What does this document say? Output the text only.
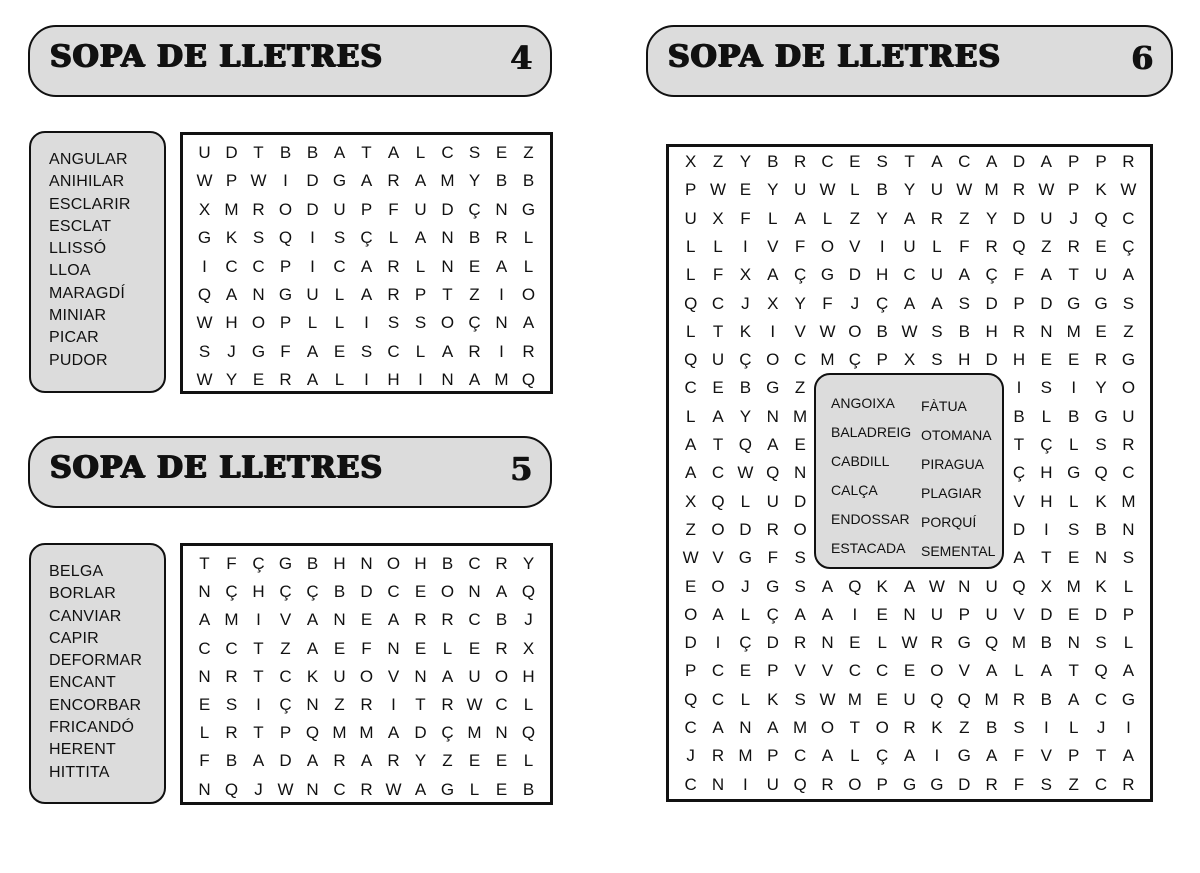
SOPA DE LLETRES	4
ANGULAR
ANIHILAR
ESCLARIR
ESCLAT
LLISSÓ
LLOA
MARAGDÍ
MINIAR
PICAR
PUDOR
U D T B B A T A L C S E Z
W P W I	D G A R A M Y B B
X M R O D U P F U D Ç N G
G K S Q	I	S Ç L A N B R L
I	C C P	I	C A R L N E A L
Q A N G U L A R P T Z	I	O
W H O P L	L	I	S S O Ç N A
S	J G F A E S C L A R	I	R
W Y E R A L	I	H	I	N A M Q
SOPA DE LLETRES	5
BELGA
BORLAR
CANVIAR
CAPIR
DEFORMAR
ENCANT
ENCORBAR
FRICANDÓ
HERENT
HITTITA
T F Ç G B H N O H B C R Y
N Ç H Ç Ç B D C E O N A Q
A M	I	V A N E A R R C B	J
C C T Z A E F N E L E R X
N R T C K U O V N A U O H
E S	I	Ç N Z R	I	T R W C L
L R T P Q M M A D Ç M N Q
F B A D A R A R Y Z E E L
N Q J W N C R W A G L E B
SOPA DE LLETRES	6
X Z Y B R C E S T A C A D A P P R
P W E Y U W L B Y U W M R W P K W
U X F	L A L	Z Y A R Z Y D U J Q C
L	L	I	V F O V	I	U L	F R Q Z R E Ç
L	F X A Ç G D H C U A Ç F A T U A
Q C J	X Y F	J Ç A A S D P D G G S
L	T K	I	V W O B W S B H R N M E Z
Q U Ç O C M Ç P X S H D H E E R G
C E B G Z	I	S	I	Y O
L A Y N M	B L B G U
A T Q A E	T Ç L S R
A C W Q N	Ç H G Q C
X Q L U D	V H L K M
Z O D R O	D	I	S B N
W V G F S	A T E N S
E O J G S A Q K A W N U Q X M K L
O A L Ç A A	I	E N U P U V D E D P
D	I	Ç D R N E L W R G Q M B N S L
P C E P V V C C E O V A L A T Q A
Q C L K S W M E U Q Q M R B A C G
C A N A M O T O R K Z B S	I	L	J	I
J R M P C A L Ç A	I	G A F V P T A
C N	I	U Q R O P G G D R F S Z C R
ANGOIXA
BALADREIG
CABDILL
CALÇA
ENDOSSAR
ESTACADA
FÀTUA
OTOMANA
PIRAGUA
PLAGIAR
PORQUÍ
SEMENTAL
